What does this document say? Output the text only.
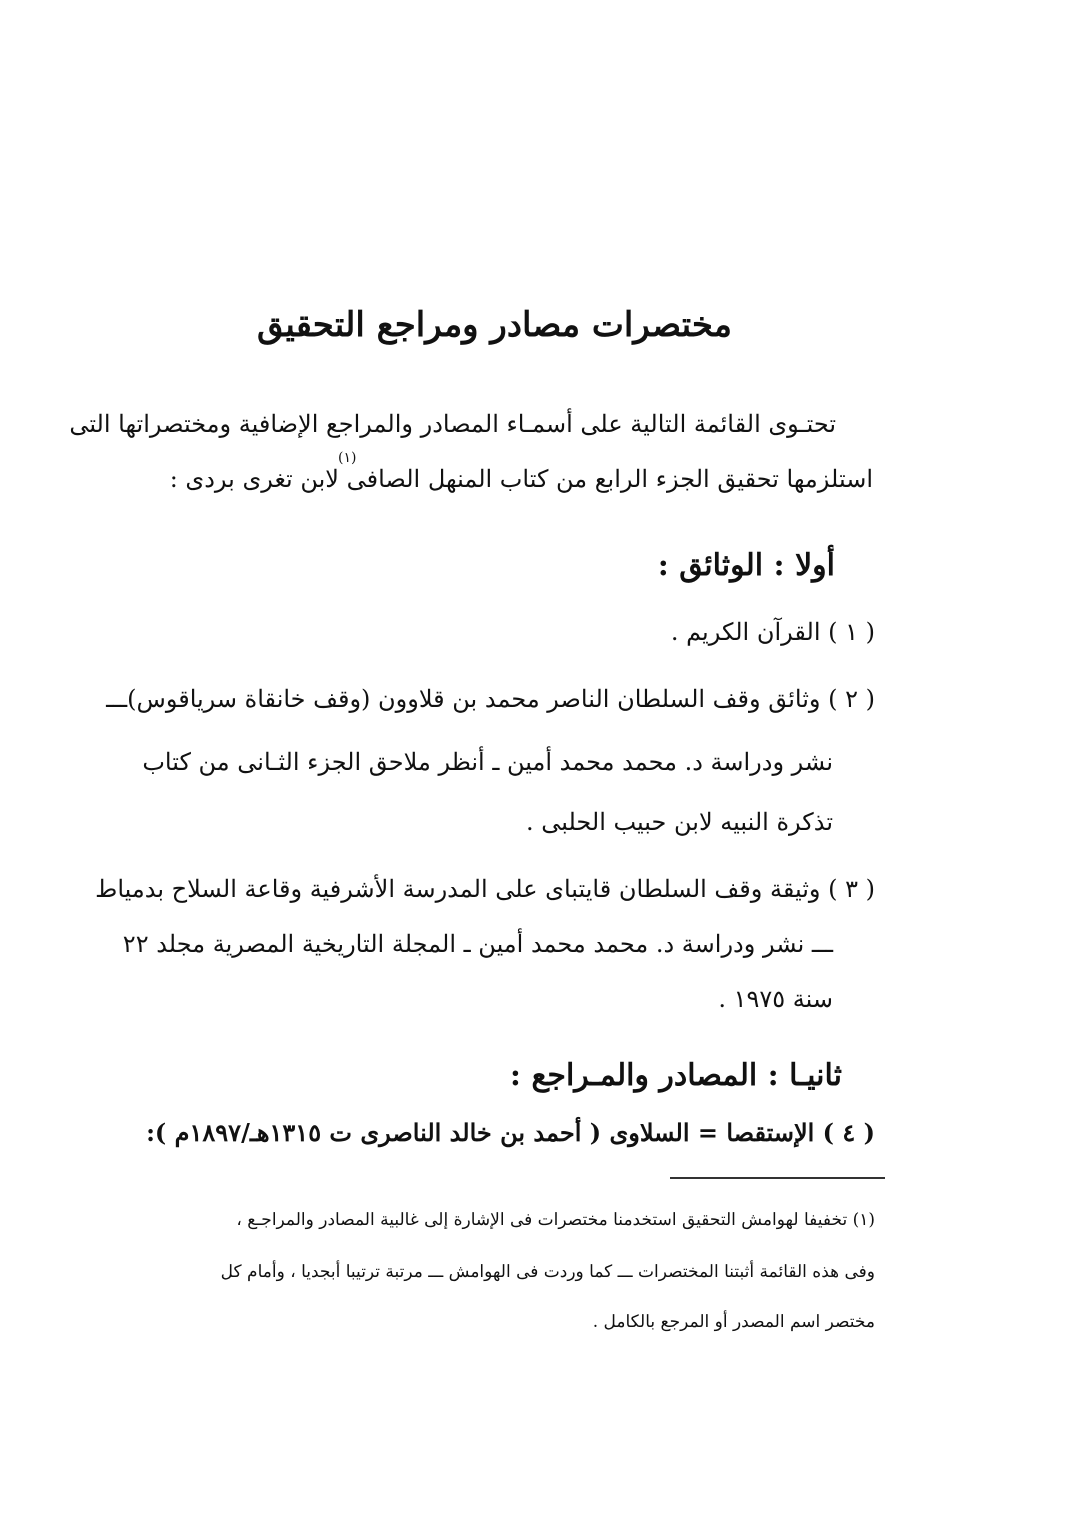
مختصرات مصادر ومراجع التحقيق
تحتـوى القائمة التالية على أسمـاء المصادر والمراجع الإضافية ومختصراتها التى
(١)
استلزمها تحقيق الجزء الرابع من كتاب المنهل الصافى لابن تغرى بردى :
أولا : الوثائق :
( ١ ) القرآن الكريم .
( ٢ ) وثائق وقف السلطان الناصر محمد بن قلاوون (وقف خانقاة سرياقوس)ـــ
نشر ودراسة د. محمد محمد أمين ـ أنظر ملاحق الجزء الثـانى من كتاب
تذكرة النبيه لابن حبيب الحلبى .
( ٣ ) وثيقة وقف السلطان قايتباى على المدرسة الأشرفية وقاعة السلاح بدمياط
ـــ نشر ودراسة د. محمد محمد أمين ـ المجلة التاريخية المصرية مجلد ٢٢
سنة ١٩٧٥ .
ثانيـا : المصادر والمـراجع :
( ٤ ) الإستقصا = السلاوى ( أحمد بن خالد الناصرى ت ١٣١٥هـ/١٨٩٧م ):
(١) تخفيفا لهوامش التحقيق استخدمنا مختصرات فى الإشارة إلى غالبية المصادر والمراجـع ،
وفى هذه القائمة أثبتنا المختصرات ـــ كما وردت فى الهوامش ـــ مرتبة ترتيبا أبجديا ، وأمام كل
مختصر اسم المصدر أو المرجع بالكامل .
